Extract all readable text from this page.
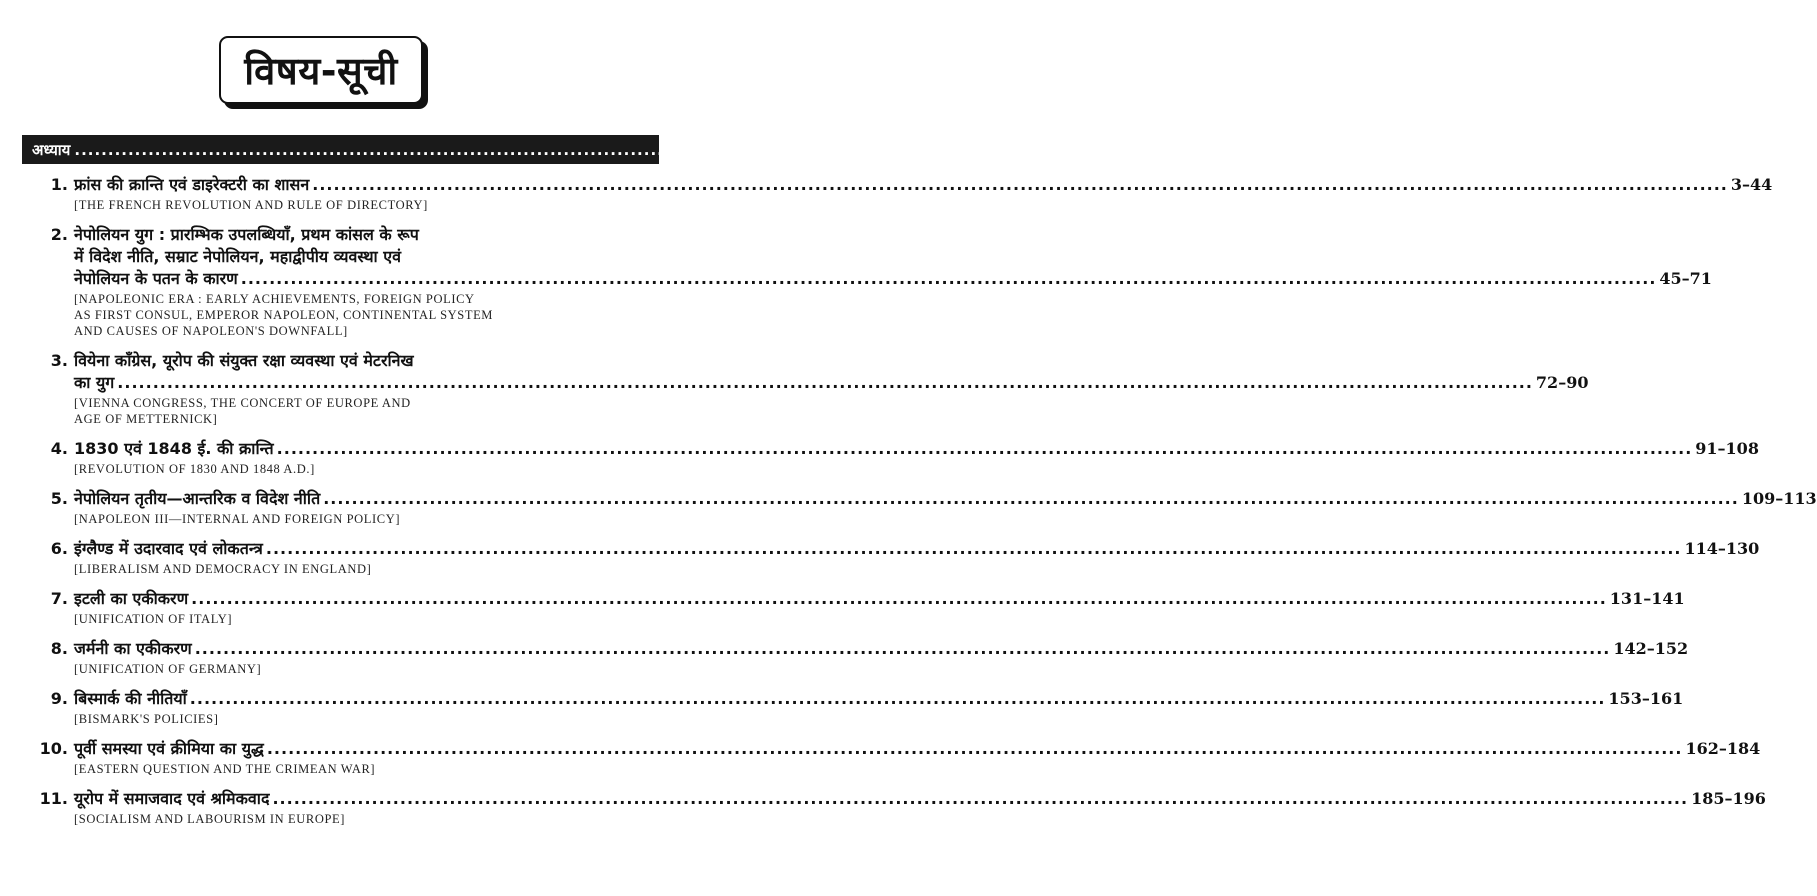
विषय-सूची
अध्याय ........................................................................................................................
पृष्ठ–संख्या
1. फ्रांस की क्रान्ति एवं डाइरेक्टरी का शासन ........................................................................................................................................................................................................ 3–44
[THE FRENCH REVOLUTION AND RULE OF DIRECTORY]
2. नेपोलियन युग : प्रारम्भिक उपलब्धियाँ, प्रथम कांसल के रूप
में विदेश नीति, सम्राट नेपोलियन, महाद्वीपीय व्यवस्था एवं
नेपोलियन के पतन के कारण ........................................................................................................................................................................................................ 45–71
[NAPOLEONIC ERA : EARLY ACHIEVEMENTS, FOREIGN POLICY
AS FIRST CONSUL, EMPEROR NAPOLEON, CONTINENTAL SYSTEM
AND CAUSES OF NAPOLEON'S DOWNFALL]
3. वियेना काँग्रेस, यूरोप की संयुक्त रक्षा व्यवस्था एवं मेटरनिख
का युग ........................................................................................................................................................................................................ 72–90
[VIENNA CONGRESS, THE CONCERT OF EUROPE AND
AGE OF METTERNICK]
4. 1830 एवं 1848 ई. की क्रान्ति ........................................................................................................................................................................................................ 91–108
[REVOLUTION OF 1830 AND 1848 A.D.]
5. नेपोलियन तृतीय—आन्तरिक व विदेश नीति ........................................................................................................................................................................................................ 109–113
[NAPOLEON III—INTERNAL AND FOREIGN POLICY]
6. इंग्लैण्ड में उदारवाद एवं लोकतन्त्र ........................................................................................................................................................................................................ 114–130
[LIBERALISM AND DEMOCRACY IN ENGLAND]
7. इटली का एकीकरण ........................................................................................................................................................................................................ 131–141
[UNIFICATION OF ITALY]
8. जर्मनी का एकीकरण ........................................................................................................................................................................................................ 142–152
[UNIFICATION OF GERMANY]
9. बिस्मार्क की नीतियाँ ........................................................................................................................................................................................................ 153–161
[BISMARK'S POLICIES]
10. पूर्वी समस्या एवं क्रीमिया का युद्ध ........................................................................................................................................................................................................ 162–184
[EASTERN QUESTION AND THE CRIMEAN WAR]
11. यूरोप में समाजवाद एवं श्रमिकवाद ........................................................................................................................................................................................................ 185–196
[SOCIALISM AND LABOURISM IN EUROPE]
